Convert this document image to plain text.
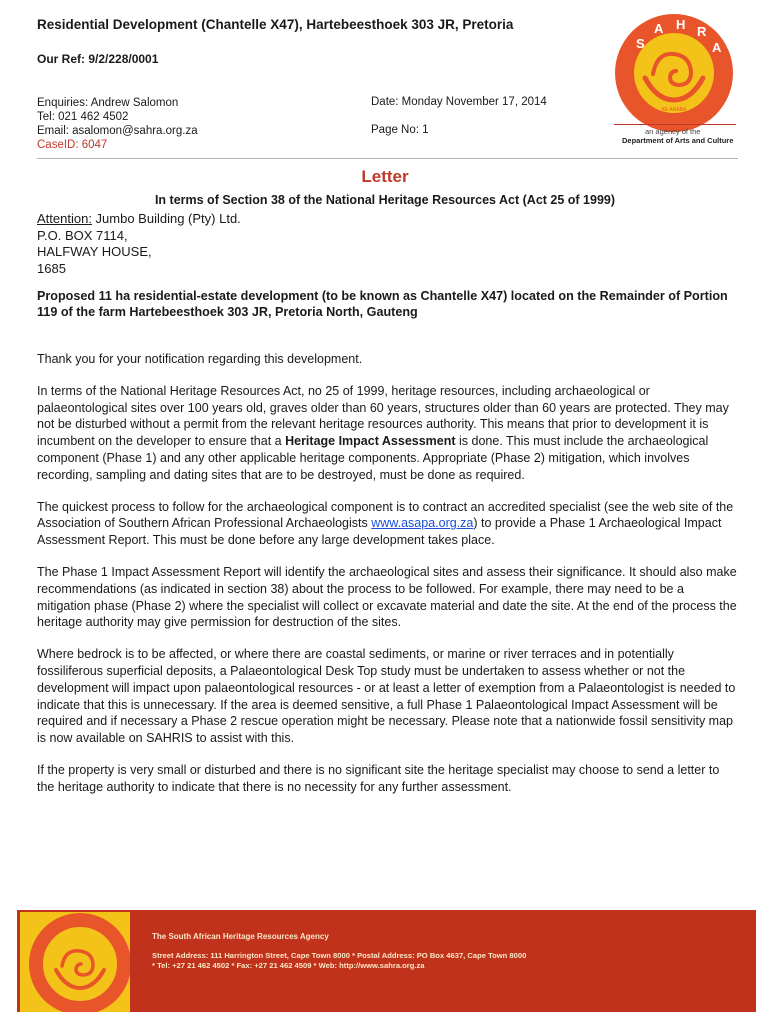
Residential Development (Chantelle X47), Hartebeesthoek 303 JR, Pretoria
Our Ref: 9/2/228/0001
Enquiries: Andrew Salomon
Tel: 021 462 4502
Email: asalomon@sahra.org.za
CaseID: 6047
Date: Monday November 17, 2014
Page No: 1
S
A H R
A
KE ARABA
an agency of the
Department of Arts and Culture
Letter
In terms of Section 38 of the National Heritage Resources Act (Act 25 of 1999)
Attention: Jumbo Building (Pty) Ltd.
P.O. BOX 7114,
HALFWAY HOUSE,
1685
Proposed 11 ha residential-estate development (to be known as Chantelle X47) located on the Remainder of Portion 119 of the farm Hartebeesthoek 303 JR, Pretoria North, Gauteng

Thank you for your notification regarding this development.

In terms of the National Heritage Resources Act, no 25 of 1999, heritage resources, including archaeological or palaeontological sites over 100 years old, graves older than 60 years, structures older than 60 years are protected. They may not be disturbed without a permit from the relevant heritage resources authority. This means that prior to development it is incumbent on the developer to ensure that a Heritage Impact Assessment is done. This must include the archaeological component (Phase 1) and any other applicable heritage components. Appropriate (Phase 2) mitigation, which involves recording, sampling and dating sites that are to be destroyed, must be done as required.

The quickest process to follow for the archaeological component is to contract an accredited specialist (see the web site of the Association of Southern African Professional Archaeologists www.asapa.org.za) to provide a Phase 1 Archaeological Impact Assessment Report. This must be done before any large development takes place.

The Phase 1 Impact Assessment Report will identify the archaeological sites and assess their significance. It should also make recommendations (as indicated in section 38) about the process to be followed. For example, there may need to be a mitigation phase (Phase 2) where the specialist will collect or excavate material and date the site. At the end of the process the heritage authority may give permission for destruction of the sites.

Where bedrock is to be affected, or where there are coastal sediments, or marine or river terraces and in potentially fossiliferous superficial deposits, a Palaeontological Desk Top study must be undertaken to assess whether or not the development will impact upon palaeontological resources - or at least a letter of exemption from a Palaeontologist is needed to indicate that this is unnecessary. If the area is deemed sensitive, a full Phase 1 Palaeontological Impact Assessment will be required and if necessary a Phase 2 rescue operation might be necessary. Please note that a nationwide fossil sensitivity map is now available on SAHRIS to assist with this.

If the property is very small or disturbed and there is no significant site the heritage specialist may choose to send a letter to the heritage authority to indicate that there is no necessity for any further assessment.

The South African Heritage Resources Agency
Street Address: 111 Harrington Street, Cape Town 8000 * Postal Address: PO Box 4637, Cape Town 8000
* Tel: +27 21 462 4502 * Fax: +27 21 462 4509 * Web: http://www.sahra.org.za
